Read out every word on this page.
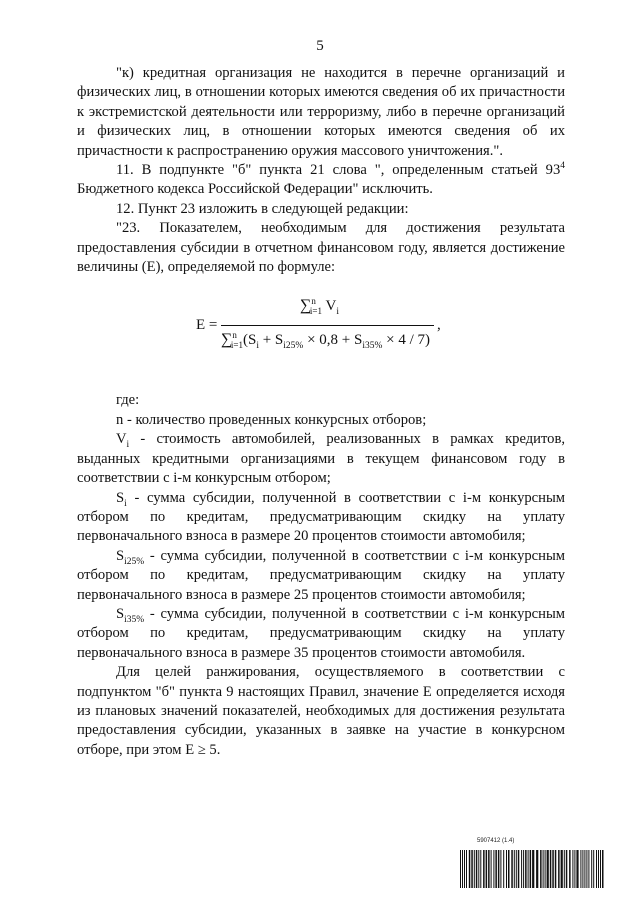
5

"к) кредитная организация не находится в перечне организаций и физических лиц, в отношении которых имеются сведения об их причастности к экстремистской деятельности или терроризму, либо в перечне организаций и физических лиц, в отношении которых имеются сведения об их причастности к распространению оружия массового уничтожения.".

11. В подпункте "б" пункта 21 слова ", определенным статьей $93^4$ Бюджетного кодекса Российской Федерации" исключить.

12. Пункт 23 изложить в следующей редакции:

"23. Показателем, необходимым для достижения результата предоставления субсидии в отчетном финансовом году, является достижение величины (Е), определяемой по формуле:

E =
∑$^n_{i=1}$ $V_i$
$\sum^n_{i=1}(S_i + S_{i25\%} \times 0,8 + S_{i35\%} \times 4 / 7)$
,

где:

n - количество проведенных конкурсных отборов;

$V_i$ - стоимость автомобилей, реализованных в рамках кредитов, выданных кредитными организациями в текущем финансовом году в соответствии с i-м конкурсным отбором;

$S_i$ - сумма субсидии, полученной в соответствии с i-м конкурсным отбором по кредитам, предусматривающим скидку на уплату первоначального взноса в размере 20 процентов стоимости автомобиля;

$S_{i25\%}$ - сумма субсидии, полученной в соответствии с i-м конкурсным отбором по кредитам, предусматривающим скидку на уплату первоначального взноса в размере 25 процентов стоимости автомобиля;

$S_{i35\%}$ - сумма субсидии, полученной в соответствии с i-м конкурсным отбором по кредитам, предусматривающим скидку на уплату первоначального взноса в размере 35 процентов стоимости автомобиля.

Для целей ранжирования, осуществляемого в соответствии с подпунктом "б" пункта 9 настоящих Правил, значение Е определяется исходя из плановых значений показателей, необходимых для достижения результата предоставления субсидии, указанных в заявке на участие в конкурсном отборе, при этом Е ≥ 5.

5907412 (1.4)
